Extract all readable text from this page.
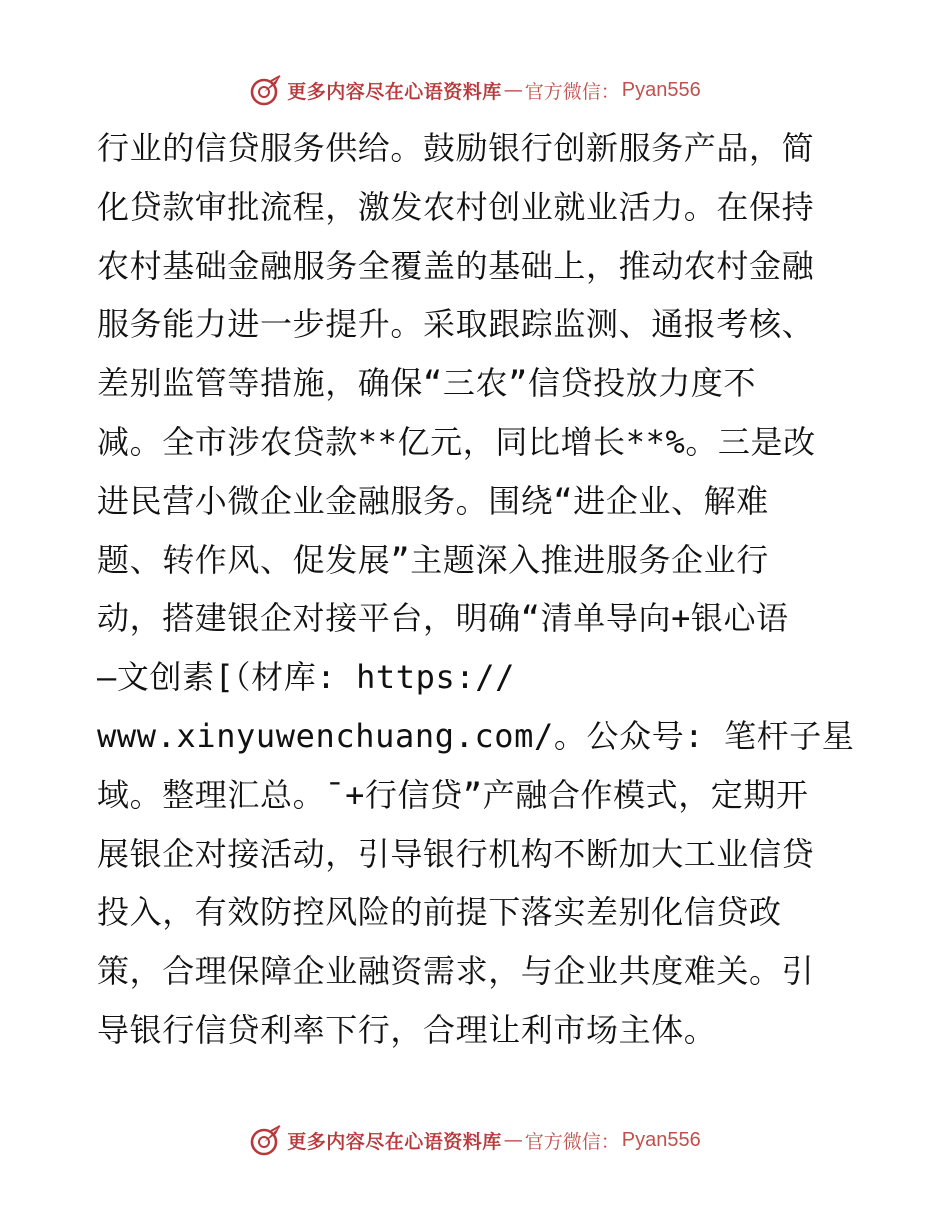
更多内容尽在心语资料库 — 官方微信： Pyan556
行业的信贷服务供给。鼓励银行创新服务产品，简
化贷款审批流程，激发农村创业就业活力。在保持
农村基础金融服务全覆盖的基础上，推动农村金融
服务能力进一步提升。采取跟踪监测、通报考核、
差别监管等措施，确保“三农”信贷投放力度不
减。全市涉农贷款**亿元，同比增长**%。三是改
进民营小微企业金融服务。围绕“进企业、解难
题、转作风、促发展”主题深入推进服务企业行
动，搭建银企对接平台，明确“清单导向+银心语
—文创素[（材库: https://
www.xinyuwenchuang.com/。公众号: 笔杆子星
域。整理汇总。¯+行信贷”产融合作模式，定期开
展银企对接活动，引导银行机构不断加大工业信贷
投入，有效防控风险的前提下落实差别化信贷政
策，合理保障企业融资需求，与企业共度难关。引
导银行信贷利率下行，合理让利市场主体。
更多内容尽在心语资料库 — 官方微信： Pyan556
